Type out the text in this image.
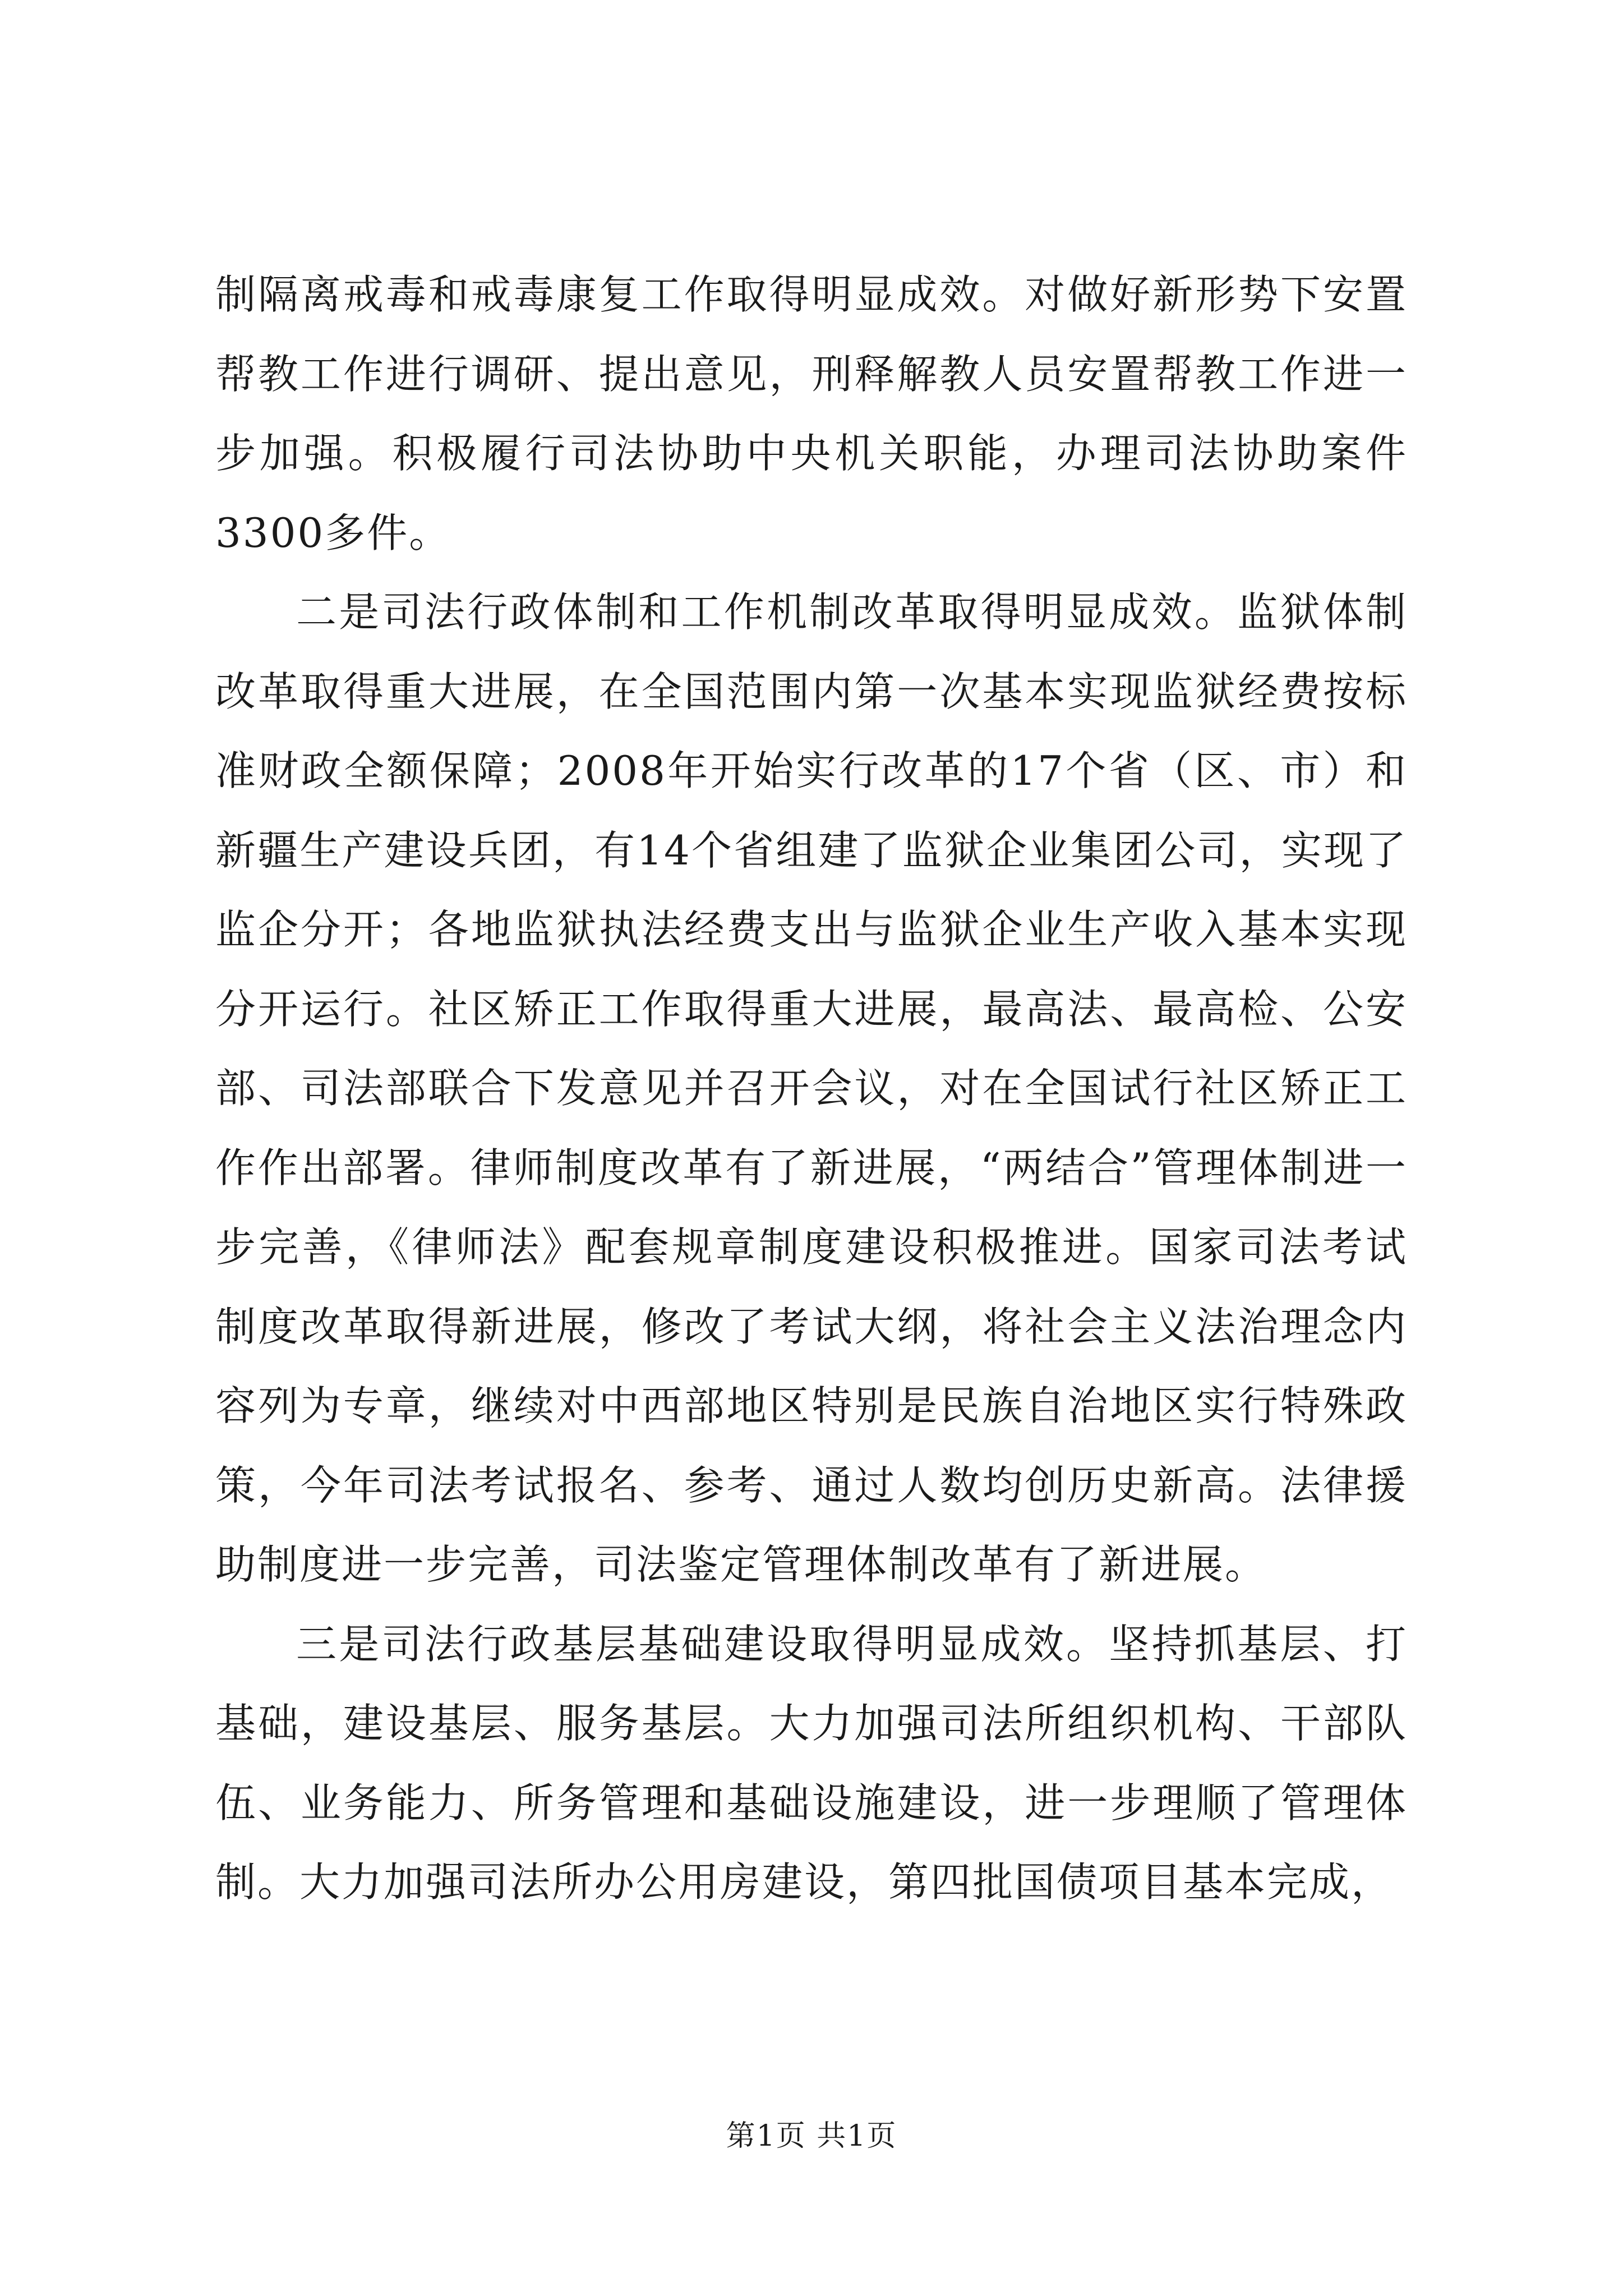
制隔离戒毒和戒毒康复工作取得明显成效。对做好新形势下安置帮教工作进行调研、提出意见，刑释解教人员安置帮教工作进一步加强。积极履行司法协助中央机关职能，办理司法协助案件3300多件。

二是司法行政体制和工作机制改革取得明显成效。监狱体制改革取得重大进展，在全国范围内第一次基本实现监狱经费按标准财政全额保障；2008年开始实行改革的17个省（区、市）和新疆生产建设兵团，有14个省组建了监狱企业集团公司，实现了监企分开；各地监狱执法经费支出与监狱企业生产收入基本实现分开运行。社区矫正工作取得重大进展，最高法、最高检、公安部、司法部联合下发意见并召开会议，对在全国试行社区矫正工作作出部署。律师制度改革有了新进展，“两结合”管理体制进一步完善，《律师法》配套规章制度建设积极推进。国家司法考试制度改革取得新进展，修改了考试大纲，将社会主义法治理念内容列为专章，继续对中西部地区特别是民族自治地区实行特殊政策，今年司法考试报名、参考、通过人数均创历史新高。法律援助制度进一步完善，司法鉴定管理体制改革有了新进展。

三是司法行政基层基础建设取得明显成效。坚持抓基层、打基础，建设基层、服务基层。大力加强司法所组织机构、干部队伍、业务能力、所务管理和基础设施建设，进一步理顺了管理体制。大力加强司法所办公用房建设，第四批国债项目基本完成，

第1页 共1页
